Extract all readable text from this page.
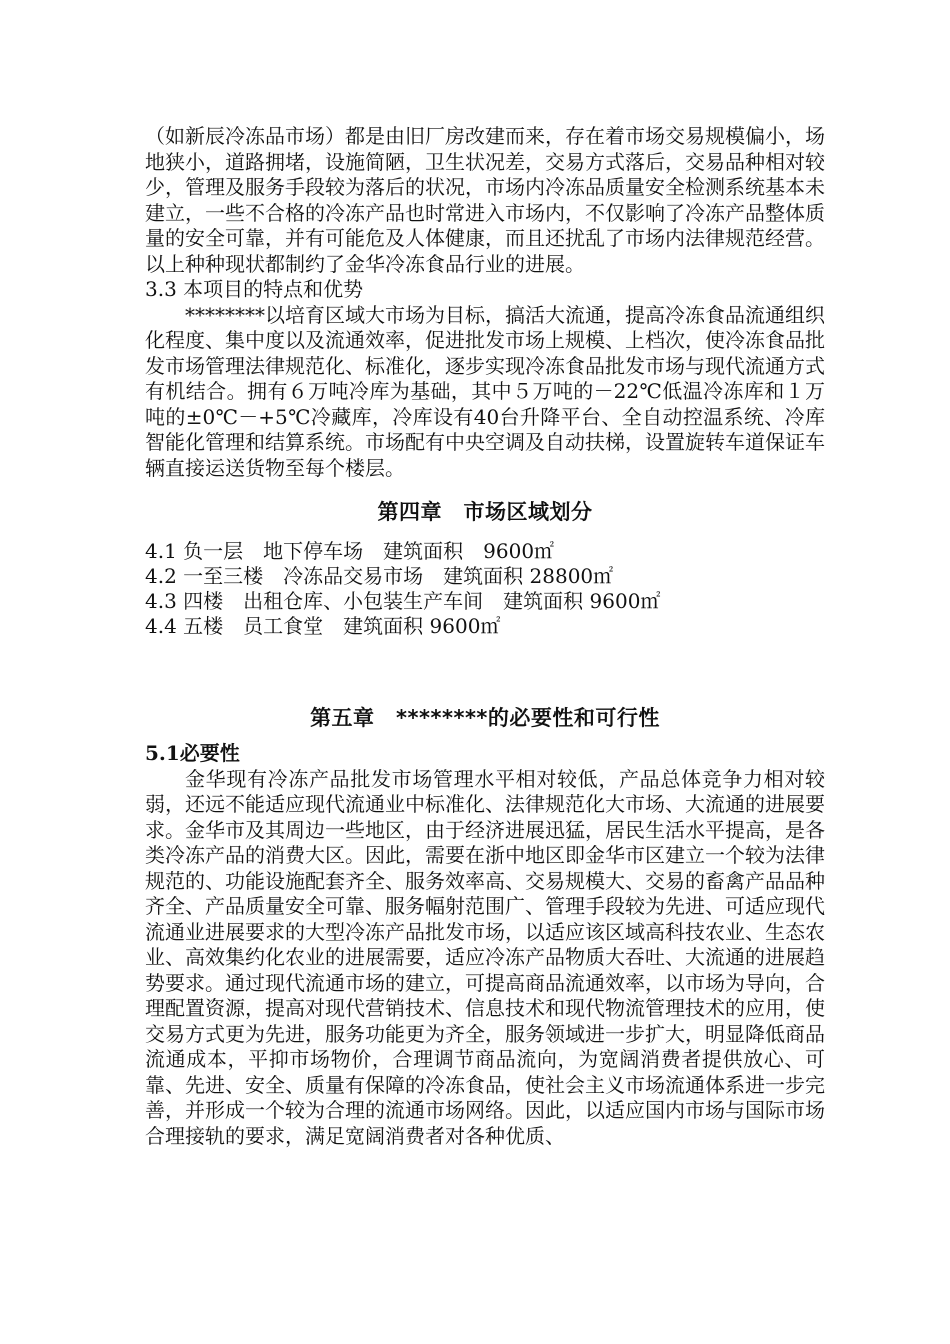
（如新辰冷冻品市场）都是由旧厂房改建而来，存在着市场交易规模偏小，场地狭小，道路拥堵，设施简陋，卫生状况差，交易方式落后，交易品种相对较少，管理及服务手段较为落后的状况，市场内冷冻品质量安全检测系统基本未建立，一些不合格的冷冻产品也时常进入市场内，不仅影响了冷冻产品整体质量的安全可靠，并有可能危及人体健康，而且还扰乱了市场内法律规范经营。以上种种现状都制约了金华冷冻食品行业的进展。

3.3 本项目的特点和优势

********以培育区域大市场为目标，搞活大流通，提高冷冻食品流通组织化程度、集中度以及流通效率，促进批发市场上规模、上档次，使冷冻食品批发市场管理法律规范化、标准化，逐步实现冷冻食品批发市场与现代流通方式有机结合。拥有６万吨冷库为基础，其中５万吨的－22℃低温冷冻库和１万吨的±0℃－+5℃冷藏库，冷库设有40台升降平台、全自动控温系统、冷库智能化管理和结算系统。市场配有中央空调及自动扶梯，设置旋转车道保证车辆直接运送货物至每个楼层。

第四章　市场区域划分
4.1 负一层　地下停车场　建筑面积　9600㎡
4.2 一至三楼　冷冻品交易市场　建筑面积 28800㎡
4.3 四楼　出租仓库、小包装生产车间　建筑面积 9600㎡
4.4 五楼　员工食堂　建筑面积 9600㎡
第五章　********的必要性和可行性

5.1必要性

金华现有冷冻产品批发市场管理水平相对较低，产品总体竞争力相对较弱，还远不能适应现代流通业中标准化、法律规范化大市场、大流通的进展要求。金华市及其周边一些地区，由于经济进展迅猛，居民生活水平提高，是各类冷冻产品的消费大区。因此，需要在浙中地区即金华市区建立一个较为法律规范的、功能设施配套齐全、服务效率高、交易规模大、交易的畜禽产品品种齐全、产品质量安全可靠、服务幅射范围广、管理手段较为先进、可适应现代流通业进展要求的大型冷冻产品批发市场，以适应该区域高科技农业、生态农业、高效集约化农业的进展需要，适应冷冻产品物质大吞吐、大流通的进展趋势要求。通过现代流通市场的建立，可提高商品流通效率，以市场为导向，合理配置资源，提高对现代营销技术、信息技术和现代物流管理技术的应用，使交易方式更为先进，服务功能更为齐全，服务领域进一步扩大，明显降低商品流通成本，平抑市场物价，合理调节商品流向，为宽阔消费者提供放心、可靠、先进、安全、质量有保障的冷冻食品，使社会主义市场流通体系进一步完善，并形成一个较为合理的流通市场网络。因此，以适应国内市场与国际市场合理接轨的要求，满足宽阔消费者对各种优质、
